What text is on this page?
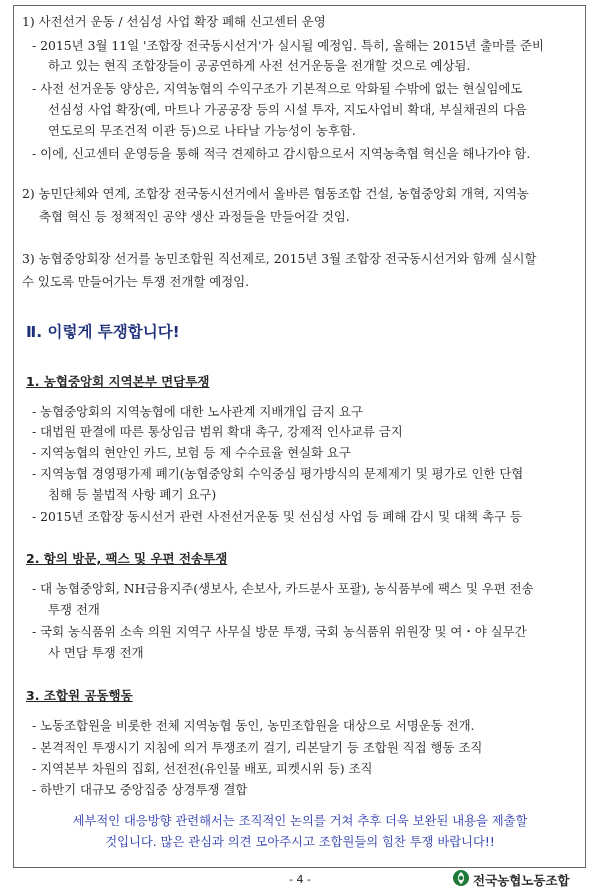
1) 사전선거 운동 / 선심성 사업 확장 폐해 신고센터 운영
- 2015년 3월 11일 '조합장 전국동시선거'가 실시될 예정임. 특히, 올해는 2015년 출마를 준비
하고 있는 현직 조합장들이 공공연하게 사전 선거운동을 전개할 것으로 예상됨.
- 사전 선거운동 양상은, 지역농협의 수익구조가 기본적으로 악화될 수밖에 없는 현실임에도
선심성 사업 확장(예, 마트나 가공공장 등의 시설 투자, 지도사업비 확대, 부실채권의 다음
연도로의 무조건적 이관 등)으로 나타날 가능성이 농후함.
- 이에, 신고센터 운영등을 통해 적극 견제하고 감시함으로서 지역농축협 혁신을 해나가야 함.
2) 농민단체와 연계, 조합장 전국동시선거에서 올바른 협동조합 건설, 농협중앙회 개혁, 지역농
축협 혁신 등 정책적인 공약 생산 과정들을 만들어갈 것임.
3) 농협중앙회장 선거를 농민조합원 직선제로, 2015년 3월 조합장 전국동시선거와 함께 실시할
수 있도록 만들어가는 투쟁 전개할 예정임.
Ⅱ. 이렇게 투쟁합니다!
1. 농협중앙회 지역본부 면담투쟁
- 농협중앙회의 지역농협에 대한 노사관계 지배개입 금지 요구
- 대법원 판결에 따른 통상임금 범위 확대 촉구, 강제적 인사교류 금지
- 지역농협의 현안인 카드, 보험 등 제 수수료율 현실화 요구
- 지역농협 경영평가제 폐기(농협중앙회 수익중심 평가방식의 문제제기 및 평가로 인한 단협
침해 등 불법적 사항 폐기 요구)
- 2015년 조합장 동시선거 관련 사전선거운동 및 선심성 사업 등 폐해 감시 및 대책 촉구 등
2. 항의 방문, 팩스 및 우편 전송투쟁
- 대 농협중앙회, NH금융지주(생보사, 손보사, 카드분사 포괄), 농식품부에 팩스 및 우편 전송
투쟁 전개
- 국회 농식품위 소속 의원 지역구 사무실 방문 투쟁, 국회 농식품위 위원장 및 여・야 실무간
사 면담 투쟁 전개
3. 조합원 공동행동
- 노동조합원을 비롯한 전체 지역농협 동인, 농민조합원을 대상으로 서명운동 전개.
- 본격적인 투쟁시기 지침에 의거 투쟁조끼 걸기, 리본달기 등 조합원 직접 행동 조직
- 지역본부 차원의 집회, 선전전(유인물 배포, 피켓시위 등) 조직
- 하반기 대규모 중앙집중 상경투쟁 결합
세부적인 대응방향 관련해서는 조직적인 논의를 거쳐 추후 더욱 보완된 내용을 제출할
것입니다. 많은 관심과 의견 모아주시고 조합원들의 힘찬 투쟁 바랍니다!!
- 4 -	전국농협노동조합
